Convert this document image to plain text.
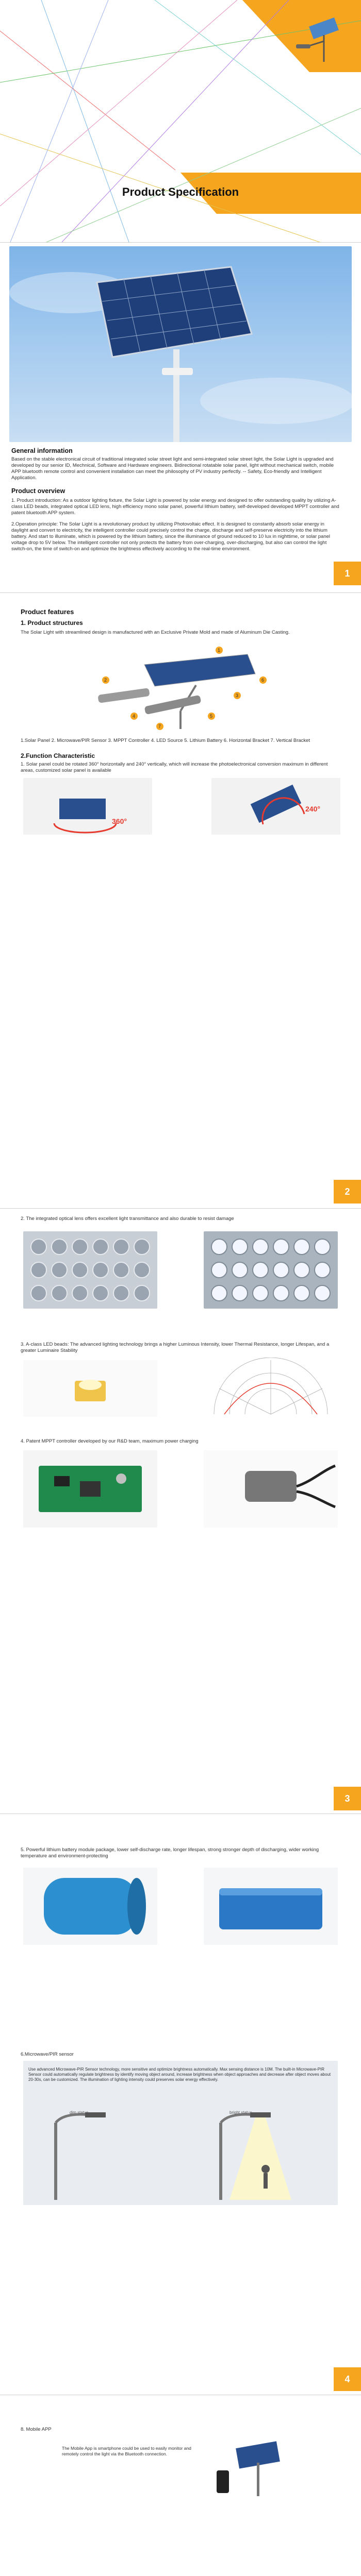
Product Specification
General information
Based on the stable electronical circuit of traditional integrated solar street light and semi-integrated solar street light, the Solar Light is upgraded and developed by our senior ID, Mechnical, Software and Hardware engineers. Bidirectional rotatable solar panel, light without mechanical switch, mobile APP bluetooth remote control and convenient installation can meet the philosophy of PV industry perfectly. -- Safety, Eco-friendly and Intelligent Application.
Product overview
1. Product introduction: As a outdoor lighting fixture, the Solar Light is powered by solar energy and designed to offer outstanding quality by utilizing A-class LED beads, integrated optical LED lens, high efficiency mono solar panel, powerful lithium battery, self-developed developed MPPT controller and patent bluetooth APP system.
2.Operation principle: The Solar Light is a revolutionary product by utilizing Photovoltaic effect. It is designed to constantly absorb solar energy in daylight and convert to electricity, the intelligent controller could precisely control the charge, discharge and self-preserve electricity into the lithium battery. And start to illuminate, which is powered by the lithium battery, since the illuminance of ground reduced to 10 lux in nighttime, or solar panel voltage drop to 5V below. The intelligent controller not only protects the battery from over-charging, over-discharging, but also can control the light switch-on, the time of switch-on and optimize the brightness effectively according to the real-time environment.
1
Product features
1. Product structures
The Solar Light with streamlined design is manufactured with an Exclusive Private Mold and made of Aluminum Die Casting.
1
2
3
4	5
6
7
1.Solar Panel 2. Microwave/PIR Sensor 3. MPPT Controller 4. LED Source 5. Lithium Battery 6. Horizontal Bracket 7. Vertical Bracket
2.Function Characteristic
1. Solar panel could be rotated 360° horizontally and 240° vertically, which will increase the photoelectronical conversion maximum in different areas, customized solar panel is available
360°
240°
2
2. The integrated optical lens offers excellent light transmittance and also durable to resist damage
3. A-class LED beads: The advanced lighting technology brings a higher Luminous Intensity, lower Thermal Resistance, longer Lifespan, and a greater Luminaire Stability
4. Patent MPPT controller developed by our R&D team, maximum power charging
3
5. Powerful lithium battery module package, lower self-discharge rate, longer lifespan, strong stronger depth of discharging, wider working temperature and environment-protecting
6.Microwave/PIR sensor
Use advanced Microwave-PIR Sensor technology, more sensitive and optimize brightness automatically. Max sensing distance is 10M. The built-in Microwave-PIR Sensor could automatically regulate brightness by identify moving object around, increase brightness when object approaches and decrease after object moves about 20-30s, can be customized. The illumination of lighting intensity could preserves solar energy effectively.
dim status	bright status
4
8. Mobile APP
The Mobile App is smartphone could be used to easily monitor and remotely control the light via the Bluetooth connection.
